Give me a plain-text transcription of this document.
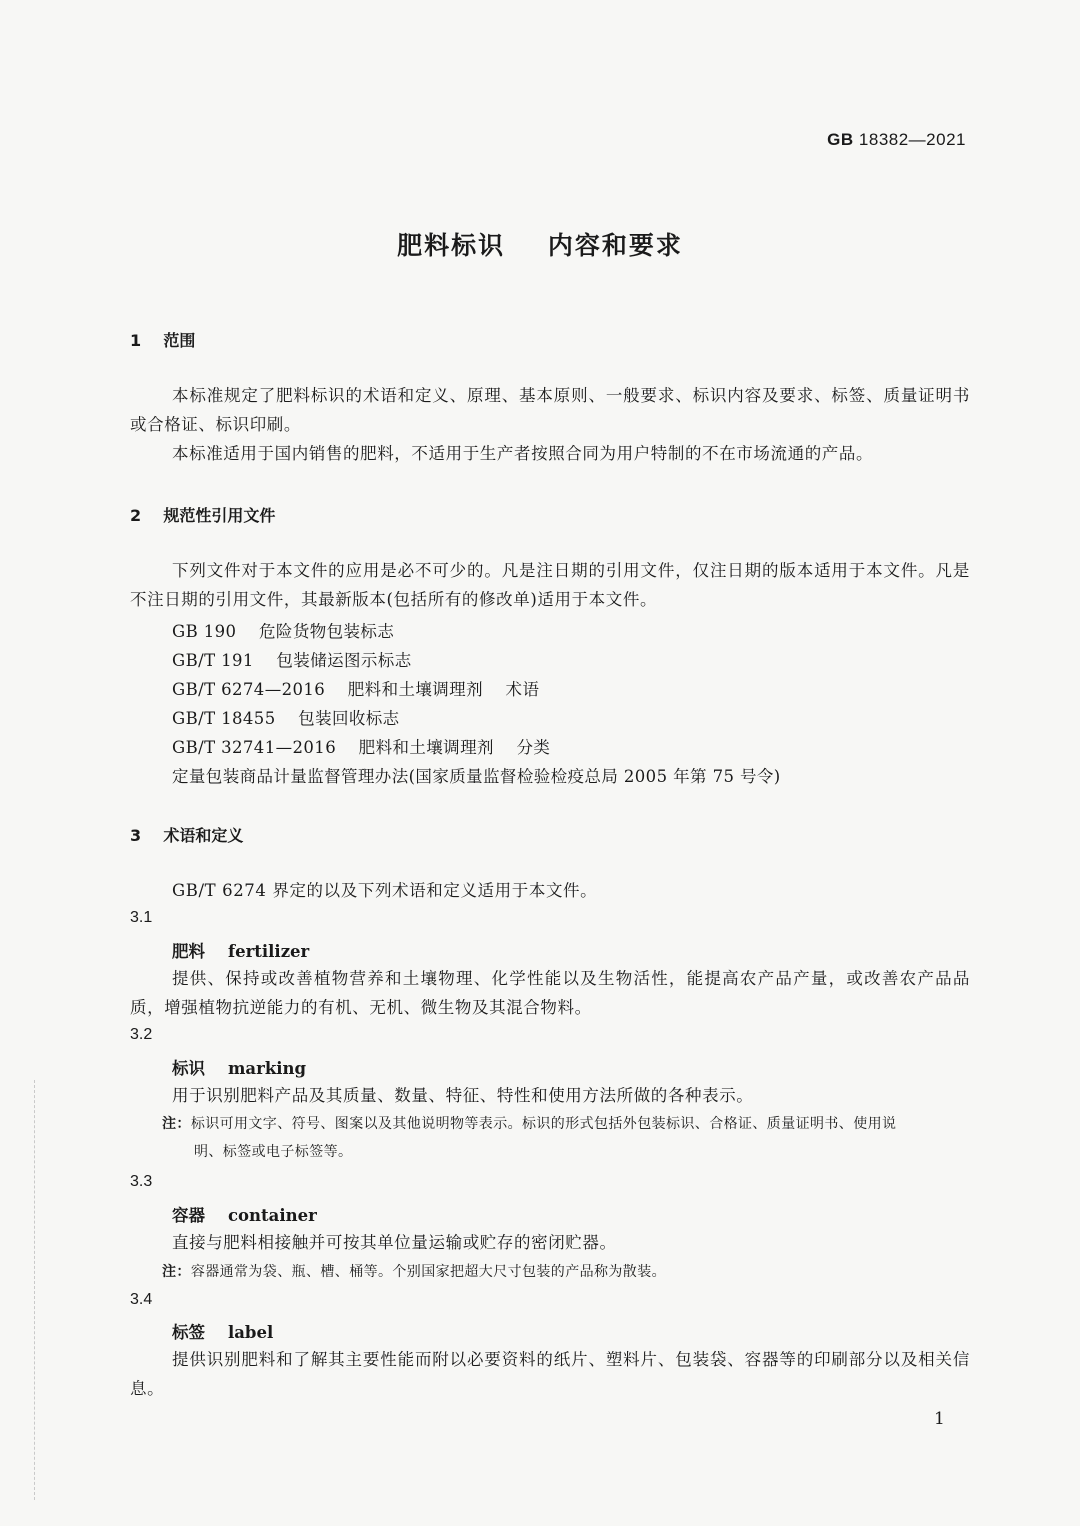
GB 18382—2021
肥料标识    内容和要求
1    范围
本标准规定了肥料标识的术语和定义、原理、基本原则、一般要求、标识内容及要求、标签、质量证明书或合格证、标识印刷。
本标准适用于国内销售的肥料，不适用于生产者按照合同为用户特制的不在市场流通的产品。
2    规范性引用文件
下列文件对于本文件的应用是必不可少的。凡是注日期的引用文件，仅注日期的版本适用于本文件。凡是不注日期的引用文件，其最新版本(包括所有的修改单)适用于本文件。
GB 190    危险货物包装标志
GB/T 191    包装储运图示标志
GB/T 6274—2016    肥料和土壤调理剂    术语
GB/T 18455    包装回收标志
GB/T 32741—2016    肥料和土壤调理剂    分类
定量包装商品计量监督管理办法(国家质量监督检验检疫总局 2005 年第 75 号令)
3    术语和定义
GB/T 6274 界定的以及下列术语和定义适用于本文件。
3.1
肥料    fertilizer
提供、保持或改善植物营养和土壤物理、化学性能以及生物活性，能提高农产品产量，或改善农产品品质，增强植物抗逆能力的有机、无机、微生物及其混合物料。
3.2
标识    marking
用于识别肥料产品及其质量、数量、特征、特性和使用方法所做的各种表示。
注：标识可用文字、符号、图案以及其他说明物等表示。标识的形式包括外包装标识、合格证、质量证明书、使用说
明、标签或电子标签等。
3.3
容器    container
直接与肥料相接触并可按其单位量运输或贮存的密闭贮器。
注：容器通常为袋、瓶、槽、桶等。个别国家把超大尺寸包装的产品称为散装。
3.4
标签    label
提供识别肥料和了解其主要性能而附以必要资料的纸片、塑料片、包装袋、容器等的印刷部分以及相关信息。
1
